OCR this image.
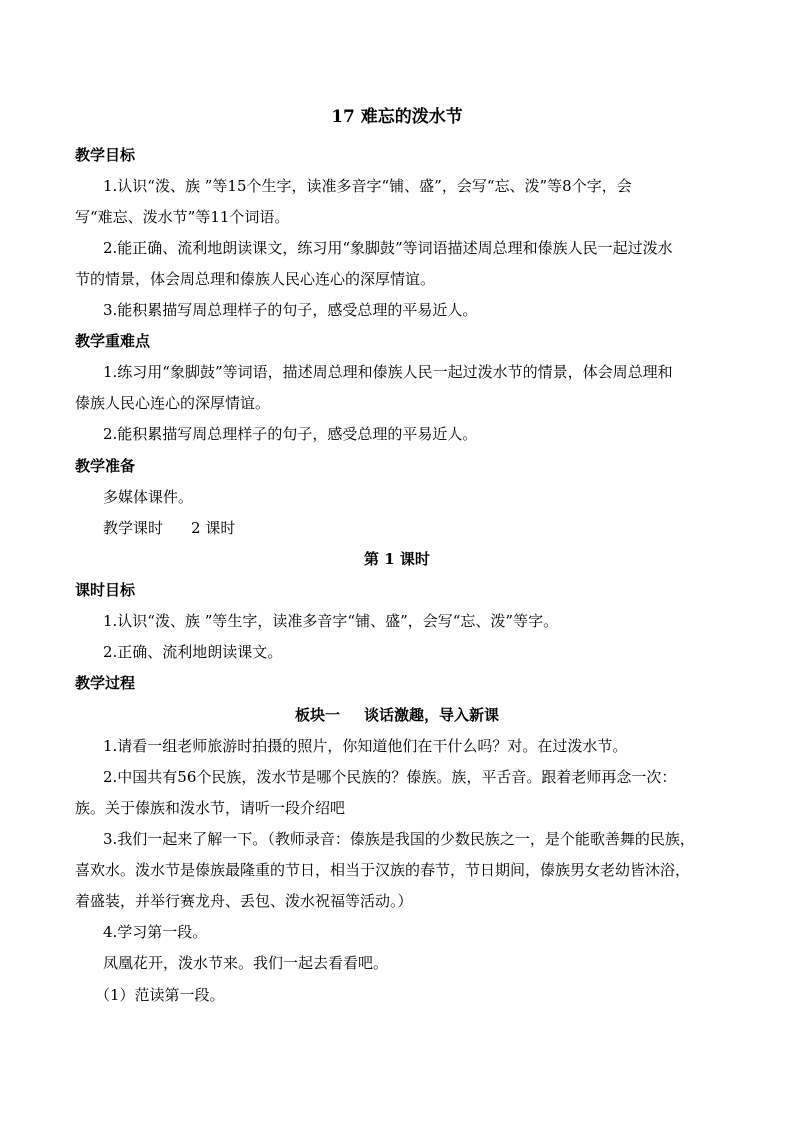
17 难忘的泼水节
教学目标
1.认识“泼、族 ”等15个生字，读准多音字“铺、盛”，会写“忘、泼”等8个字，会
写“难忘、泼水节”等11个词语。
2.能正确、流利地朗读课文，练习用“象脚鼓”等词语描述周总理和傣族人民一起过泼水
节的情景，体会周总理和傣族人民心连心的深厚情谊。
3.能积累描写周总理样子的句子，感受总理的平易近人。
教学重难点
1.练习用“象脚鼓”等词语，描述周总理和傣族人民一起过泼水节的情景，体会周总理和
傣族人民心连心的深厚情谊。
2.能积累描写周总理样子的句子，感受总理的平易近人。
教学准备
多媒体课件。
教学课时 2 课时
第 1 课时
课时目标
1.认识“泼、族 ”等生字，读准多音字“铺、盛”，会写“忘、泼”等字。
2.正确、流利地朗读课文。
教学过程
板块一 谈话激趣，导入新课
1.请看一组老师旅游时拍摄的照片，你知道他们在干什么吗？对。在过泼水节。
2.中国共有56个民族，泼水节是哪个民族的？傣族。族，平舌音。跟着老师再念一次：
族。关于傣族和泼水节，请听一段介绍吧
3.我们一起来了解一下。（教师录音：傣族是我国的少数民族之一，是个能歌善舞的民族，
喜欢水。泼水节是傣族最隆重的节日，相当于汉族的春节，节日期间，傣族男女老幼皆沐浴，
着盛装，并举行赛龙舟、丢包、泼水祝福等活动。）
4.学习第一段。
凤凰花开，泼水节来。我们一起去看看吧。
（1）范读第一段。
